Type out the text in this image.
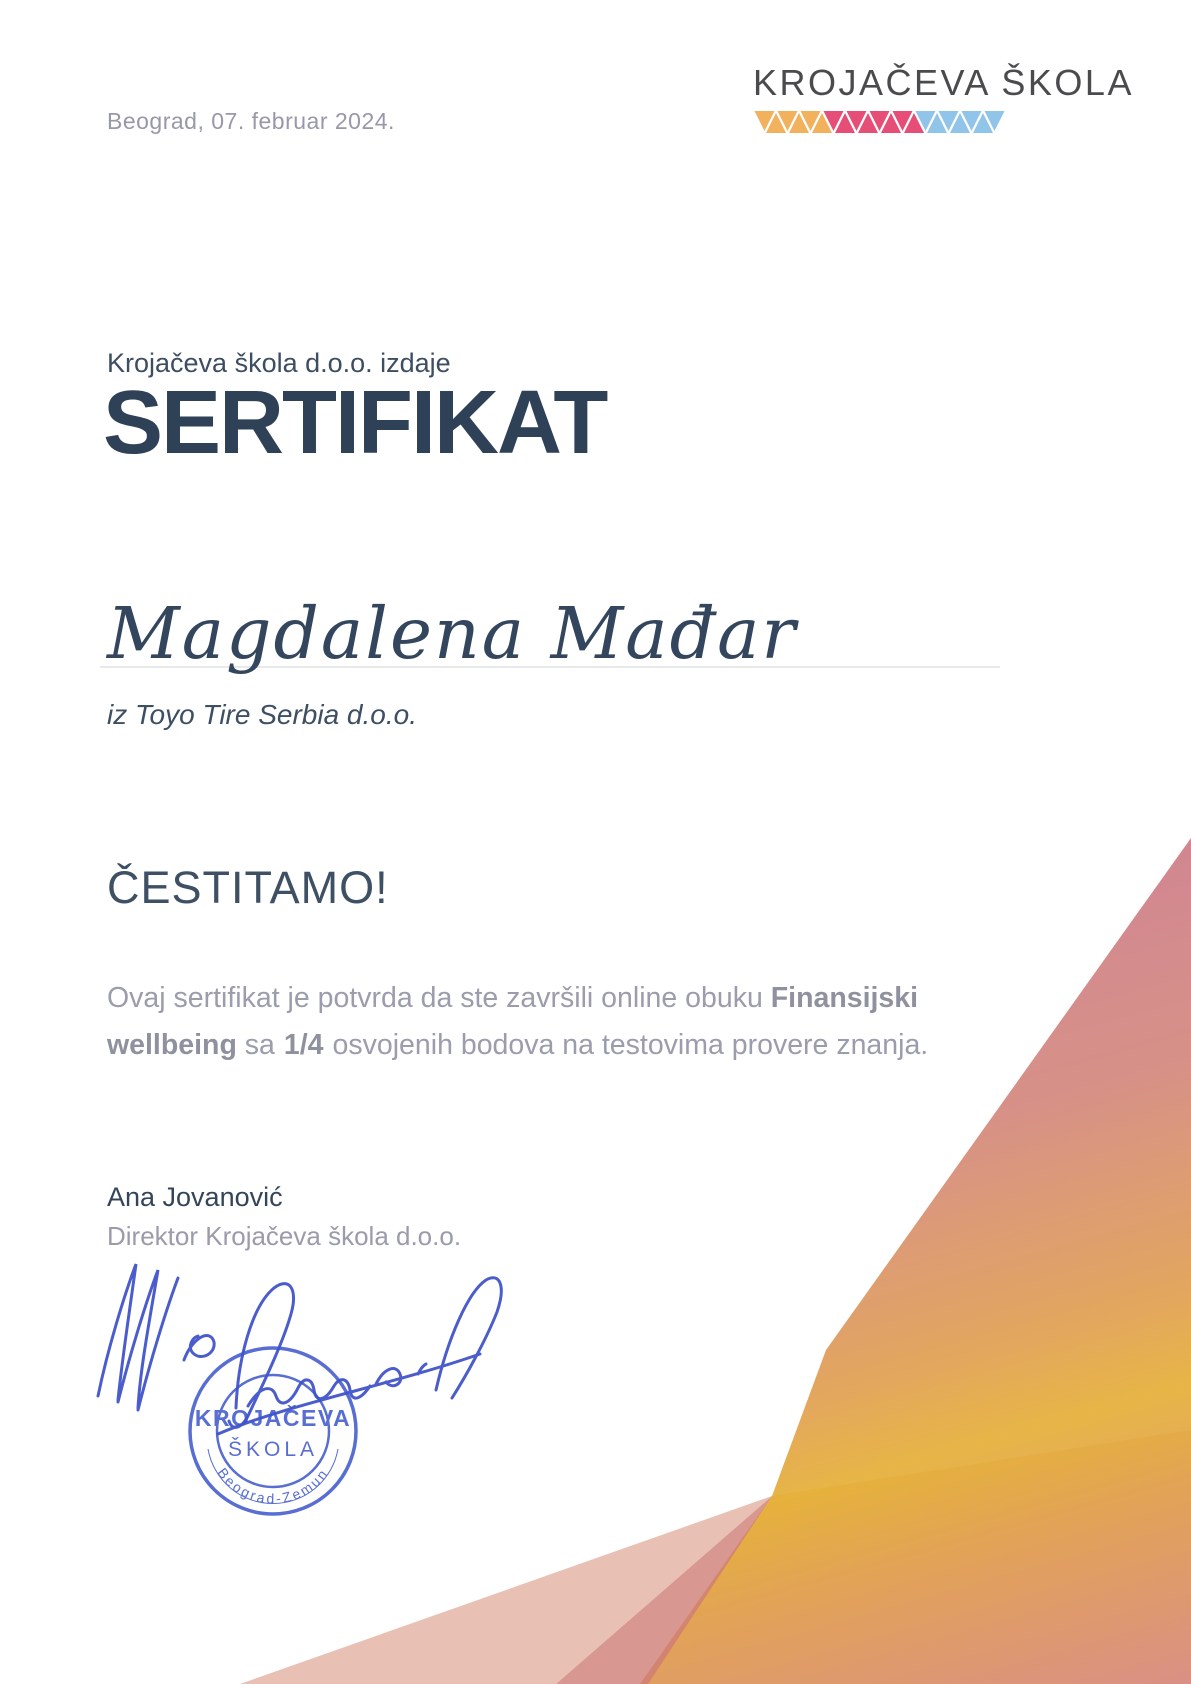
Beograd, 07. februar 2024.
KROJAČEVA ŠKOLA
Krojačeva škola d.o.o. izdaje
SERTIFIKAT
Magdalena Mađar
iz Toyo Tire Serbia d.o.o.
ČESTITAMO!

Ovaj sertifikat je potvrda da ste završili online obuku Finansijski wellbeing sa 1/4 osvojenih bodova na testovima provere znanja.

Ana Jovanović
Direktor Krojačeva škola d.o.o.
KROJAČEVA
ŠKOLA
Beograd-Zemun
